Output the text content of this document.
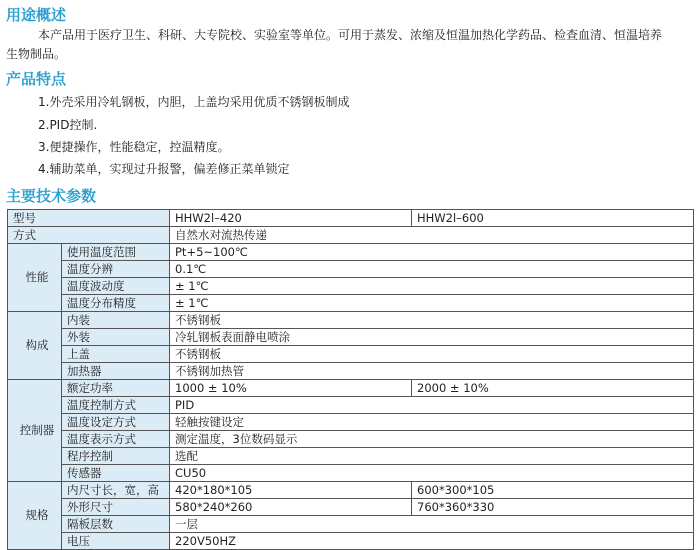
用途概述

本产品用于医疗卫生、科研、大专院校、实验室等单位。可用于蒸发、浓缩及恒温加热化学药品、检查血清、恒温培养

生物制品。

产品特点

1.外壳采用冷轧钢板，内胆，上盖均采用优质不锈钢板制成

2.PID控制.

3.便捷操作，性能稳定，控温精度。

4.辅助菜单，实现过升报警，偏差修正菜单锁定

主要技术参数
型号		HHW2l–420	HHW2l–600
方式		自然水对流热传递	
性能	使用温度范围	Pt+5~100℃	
	温度分辨	0.1℃	
	温度波动度	± 1℃	
	温度分布精度	± 1℃	
构成	内装	不锈钢板	
	外装	冷轧钢板表面静电喷涂	
	上盖	不锈钢板	
	加热器	不锈钢加热管	
控制器	额定功率	1000 ± 10%	2000 ± 10%
	温度控制方式	PID	
	温度设定方式	轻触按键设定	
	温度表示方式	测定温度，3位数码显示	
	程序控制	选配	
	传感器	CU50	
规格	内尺寸长，宽，高	420*180*105	600*300*105
	外形尺寸	580*240*260	760*360*330
	隔板层数	一层	
	电压	220V50HZ	
